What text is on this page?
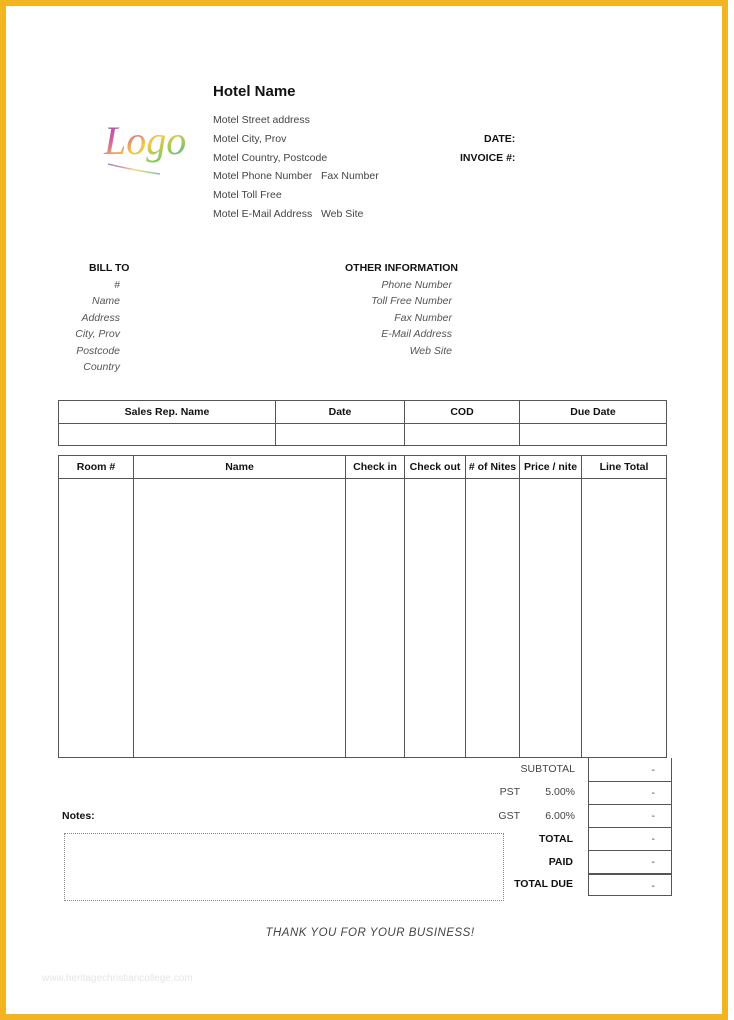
Logo
Hotel Name
Motel Street address
Motel City, Prov
Motel Country, Postcode
Motel Phone Number   Fax Number
Motel Toll Free
Motel E-Mail Address   Web Site
DATE:
INVOICE #:
BILL TO
#
Name
Address
City, Prov
Postcode
Country
OTHER INFORMATION
Phone Number
Toll Free Number
Fax Number
E-Mail Address
Web Site
Sales Rep. Name	Date	COD	Due Date

Room #	Name	Check in	Check out	# of Nites	Price / nite	Line Total

SUBTOTAL	-
PST	5.00%	-
GST	6.00%	-
TOTAL	-
PAID	-
TOTAL DUE	-
Notes:
THANK YOU FOR YOUR BUSINESS!
www.heritagechristiancollege.com
